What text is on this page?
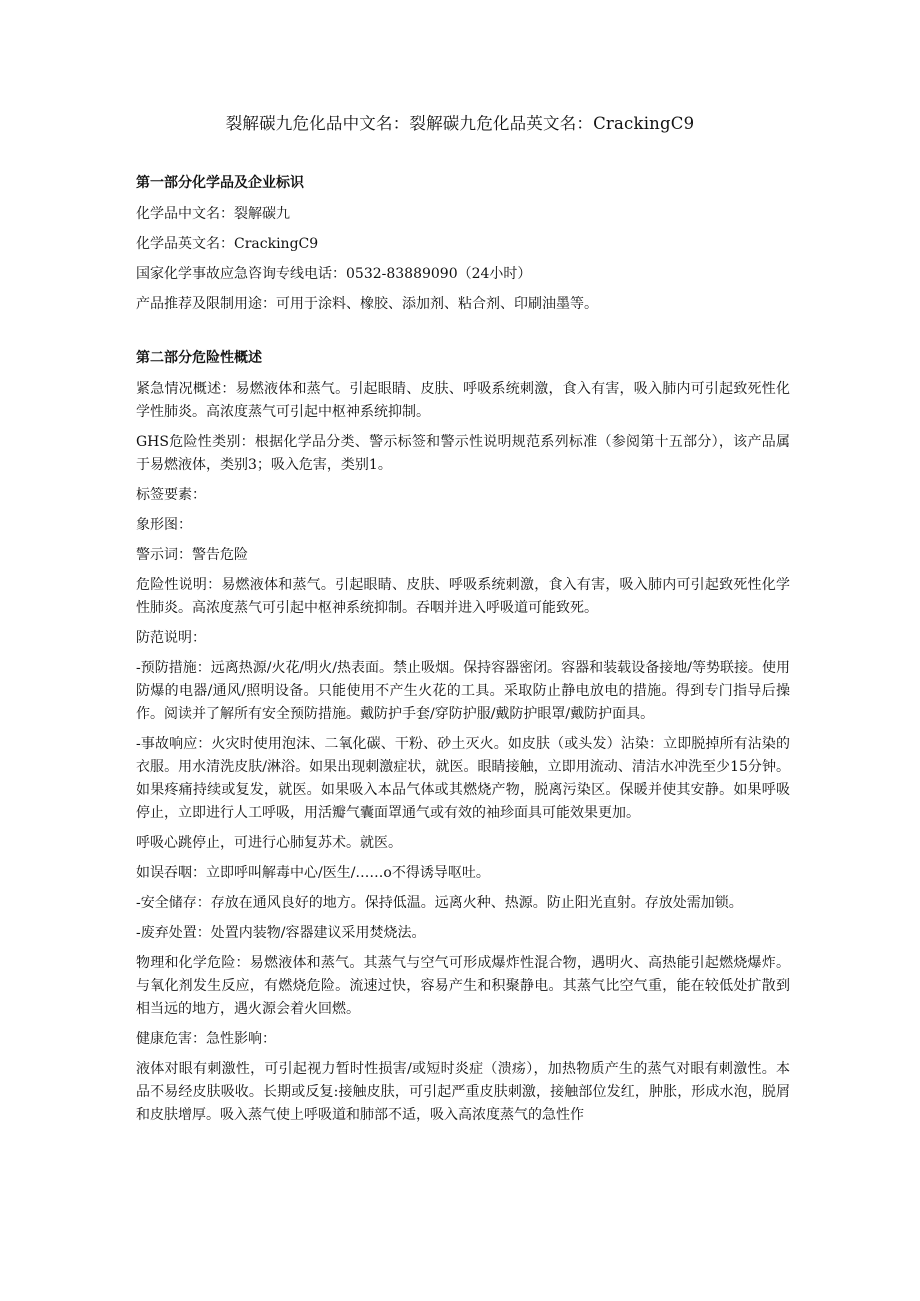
裂解碳九危化品中文名：裂解碳九危化品英文名：CrackingC9
第一部分化学品及企业标识
化学品中文名：裂解碳九
化学品英文名：CrackingC9
国家化学事故应急咨询专线电话：0532-83889090（24小时）
产品推荐及限制用途：可用于涂料、橡胶、添加剂、粘合剂、印刷油墨等。
第二部分危险性概述
紧急情况概述：易燃液体和蒸气。引起眼睛、皮肤、呼吸系统刺激，食入有害，吸入肺内可引起致死性化学性肺炎。高浓度蒸气可引起中枢神系统抑制。
GHS危险性类别：根据化学品分类、警示标签和警示性说明规范系列标准（参阅第十五部分），该产品属于易燃液体，类别3；吸入危害，类别1。
标签要素：
象形图：
警示词：警告危险
危险性说明：易燃液体和蒸气。引起眼睛、皮肤、呼吸系统刺激，食入有害，吸入肺内可引起致死性化学性肺炎。高浓度蒸气可引起中枢神系统抑制。吞咽并进入呼吸道可能致死。
防范说明：
-预防措施：远离热源/火花/明火/热表面。禁止吸烟。保持容器密闭。容器和装载设备接地/等势联接。使用防爆的电器/通风/照明设备。只能使用不产生火花的工具。采取防止静电放电的措施。得到专门指导后操作。阅读并了解所有安全预防措施。戴防护手套/穿防护服/戴防护眼罩/戴防护面具。
-事故响应：火灾时使用泡沫、二氧化碳、干粉、砂土灭火。如皮肤（或头发）沾染：立即脱掉所有沾染的衣服。用水清洗皮肤/淋浴。如果出现刺激症状，就医。眼睛接触，立即用流动、清洁水冲洗至少15分钟。如果疼痛持续或复发，就医。如果吸入本品气体或其燃烧产物，脱离污染区。保暖并使其安静。如果呼吸停止，立即进行人工呼吸，用活瓣气囊面罩通气或有效的袖珍面具可能效果更加。
呼吸心跳停止，可进行心肺复苏术。就医。
如误吞咽：立即呼叫解毒中心/医生/……o不得诱导呕吐。
-安全储存：存放在通风良好的地方。保持低温。远离火种、热源。防止阳光直射。存放处需加锁。
-废弃处置：处置内装物/容器建议采用焚烧法。
物理和化学危险：易燃液体和蒸气。其蒸气与空气可形成爆炸性混合物，遇明火、高热能引起燃烧爆炸。与氧化剂发生反应，有燃烧危险。流速过快，容易产生和积聚静电。其蒸气比空气重，能在较低处扩散到相当远的地方，遇火源会着火回燃。
健康危害：急性影响：
液体对眼有刺激性，可引起视力暂时性损害/或短时炎症（溃疡），加热物质产生的蒸气对眼有刺激性。本品不易经皮肤吸收。长期或反复:接触皮肤，可引起严重皮肤刺激，接触部位发红，肿胀，形成水泡，脱屑和皮肤增厚。吸入蒸气使上呼吸道和肺部不适，吸入高浓度蒸气的急性作
